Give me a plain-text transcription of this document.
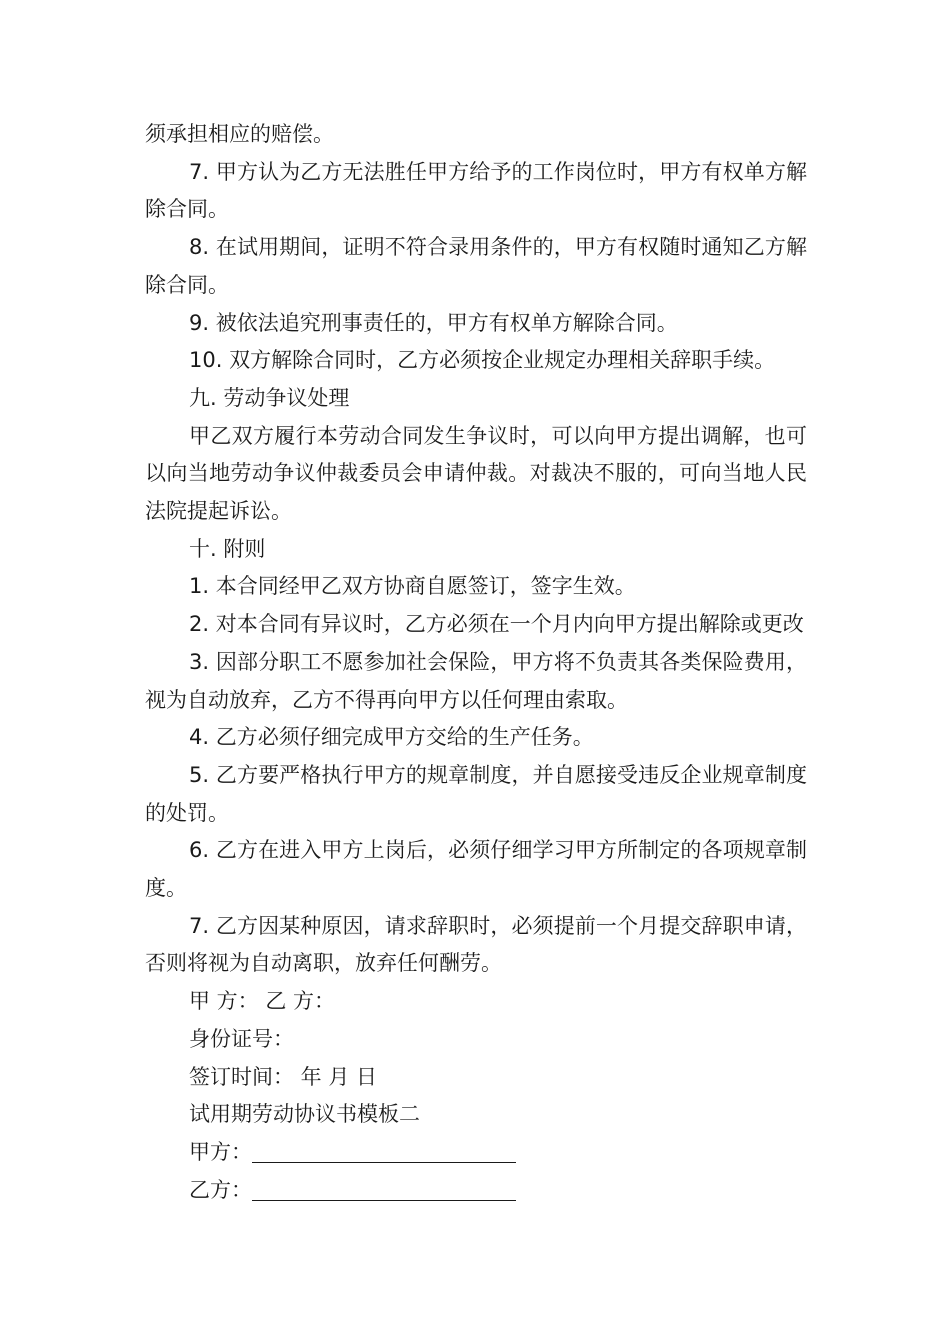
须承担相应的赔偿。

7. 甲方认为乙方无法胜任甲方给予的工作岗位时，甲方有权单方解除合同。

8. 在试用期间，证明不符合录用条件的，甲方有权随时通知乙方解除合同。

9. 被依法追究刑事责任的，甲方有权单方解除合同。

10. 双方解除合同时，乙方必须按企业规定办理相关辞职手续。

九. 劳动争议处理

甲乙双方履行本劳动合同发生争议时，可以向甲方提出调解，也可以向当地劳动争议仲裁委员会申请仲裁。对裁决不服的，可向当地人民法院提起诉讼。

十. 附则

1. 本合同经甲乙双方协商自愿签订，签字生效。

2. 对本合同有异议时，乙方必须在一个月内向甲方提出解除或更改

3. 因部分职工不愿参加社会保险，甲方将不负责其各类保险费用，视为自动放弃，乙方不得再向甲方以任何理由索取。

4. 乙方必须仔细完成甲方交给的生产任务。

5. 乙方要严格执行甲方的规章制度，并自愿接受违反企业规章制度的处罚。

6. 乙方在进入甲方上岗后，必须仔细学习甲方所制定的各项规章制度。

7. 乙方因某种原因，请求辞职时，必须提前一个月提交辞职申请，否则将视为自动离职，放弃任何酬劳。

甲 方： 乙 方：

身份证号：

签订时间： 年 月 日

试用期劳动协议书模板二

甲方：

乙方：
